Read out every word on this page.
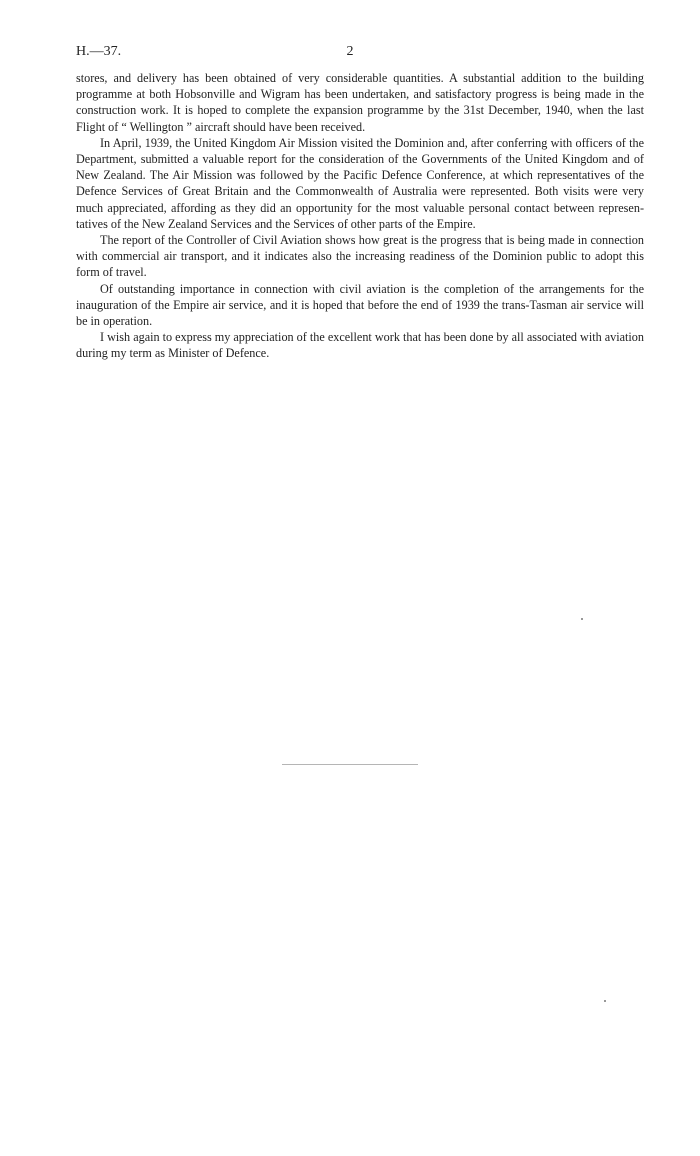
H.—37.	2

stores, and delivery has been obtained of very considerable quantities. A substantial addition to the building programme at both Hobsonville and Wigram has been undertaken, and satisfactory progress is being made in the construction work. It is hoped to complete the expansion programme by the 31st December, 1940, when the last Flight of “ Wellington ” aircraft should have been received.

In April, 1939, the United Kingdom Air Mission visited the Dominion and, after conferring with officers of the Department, submitted a valuable report for the consideration of the Governments of the United Kingdom and of New Zealand. The Air Mission was followed by the Pacific Defence Conference, at which representatives of the Defence Services of Great Britain and the Commonwealth of Australia were represented. Both visits were very much appreciated, affording as they did an opportunity for the most valuable personal contact between representatives of the New Zealand Services and the Services of other parts of the Empire.

The report of the Controller of Civil Aviation shows how great is the progress that is being made in connection with commercial air transport, and it indicates also the increasing readiness of the Dominion public to adopt this form of travel.

Of outstanding importance in connection with civil aviation is the completion of the arrangements for the inauguration of the Empire air service, and it is hoped that before the end of 1939 the trans-Tasman air service will be in operation.

I wish again to express my appreciation of the excellent work that has been done by all associated with aviation during my term as Minister of Defence.
